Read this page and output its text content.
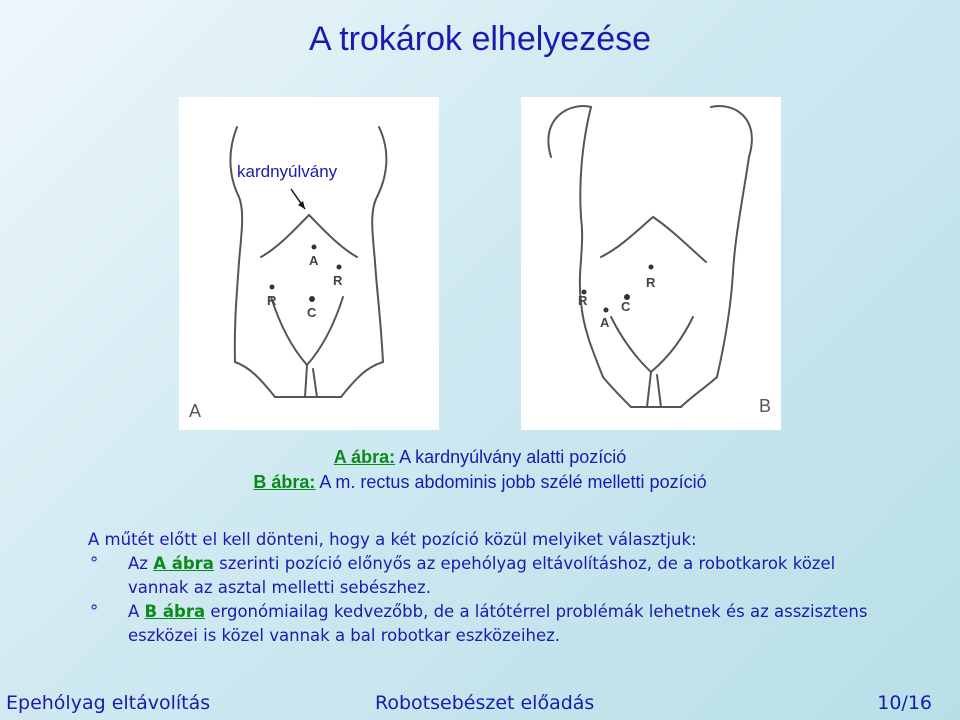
A trokárok elhelyezése
A
R
R
C
kardnyúlvány
A
R	C
A
R
B
A ábra: A kardnyúlvány alatti pozíció
B ábra: A m. rectus abdominis jobb szélé melletti pozíció
A műtét előtt el kell dönteni, hogy a két pozíció közül melyiket választjuk:
° Az A ábra szerinti pozíció előnyős az epehólyag eltávolításhoz, de a robotkarok közel vannak az asztal melletti sebészhez.
° A B ábra ergonómiailag kedvezőbb, de a látótérrel problémák lehetnek és az asszisztens eszközei is közel vannak a bal robotkar eszközeihez.
Epehólyag eltávolítás	Robotsebészet előadás	10/16
